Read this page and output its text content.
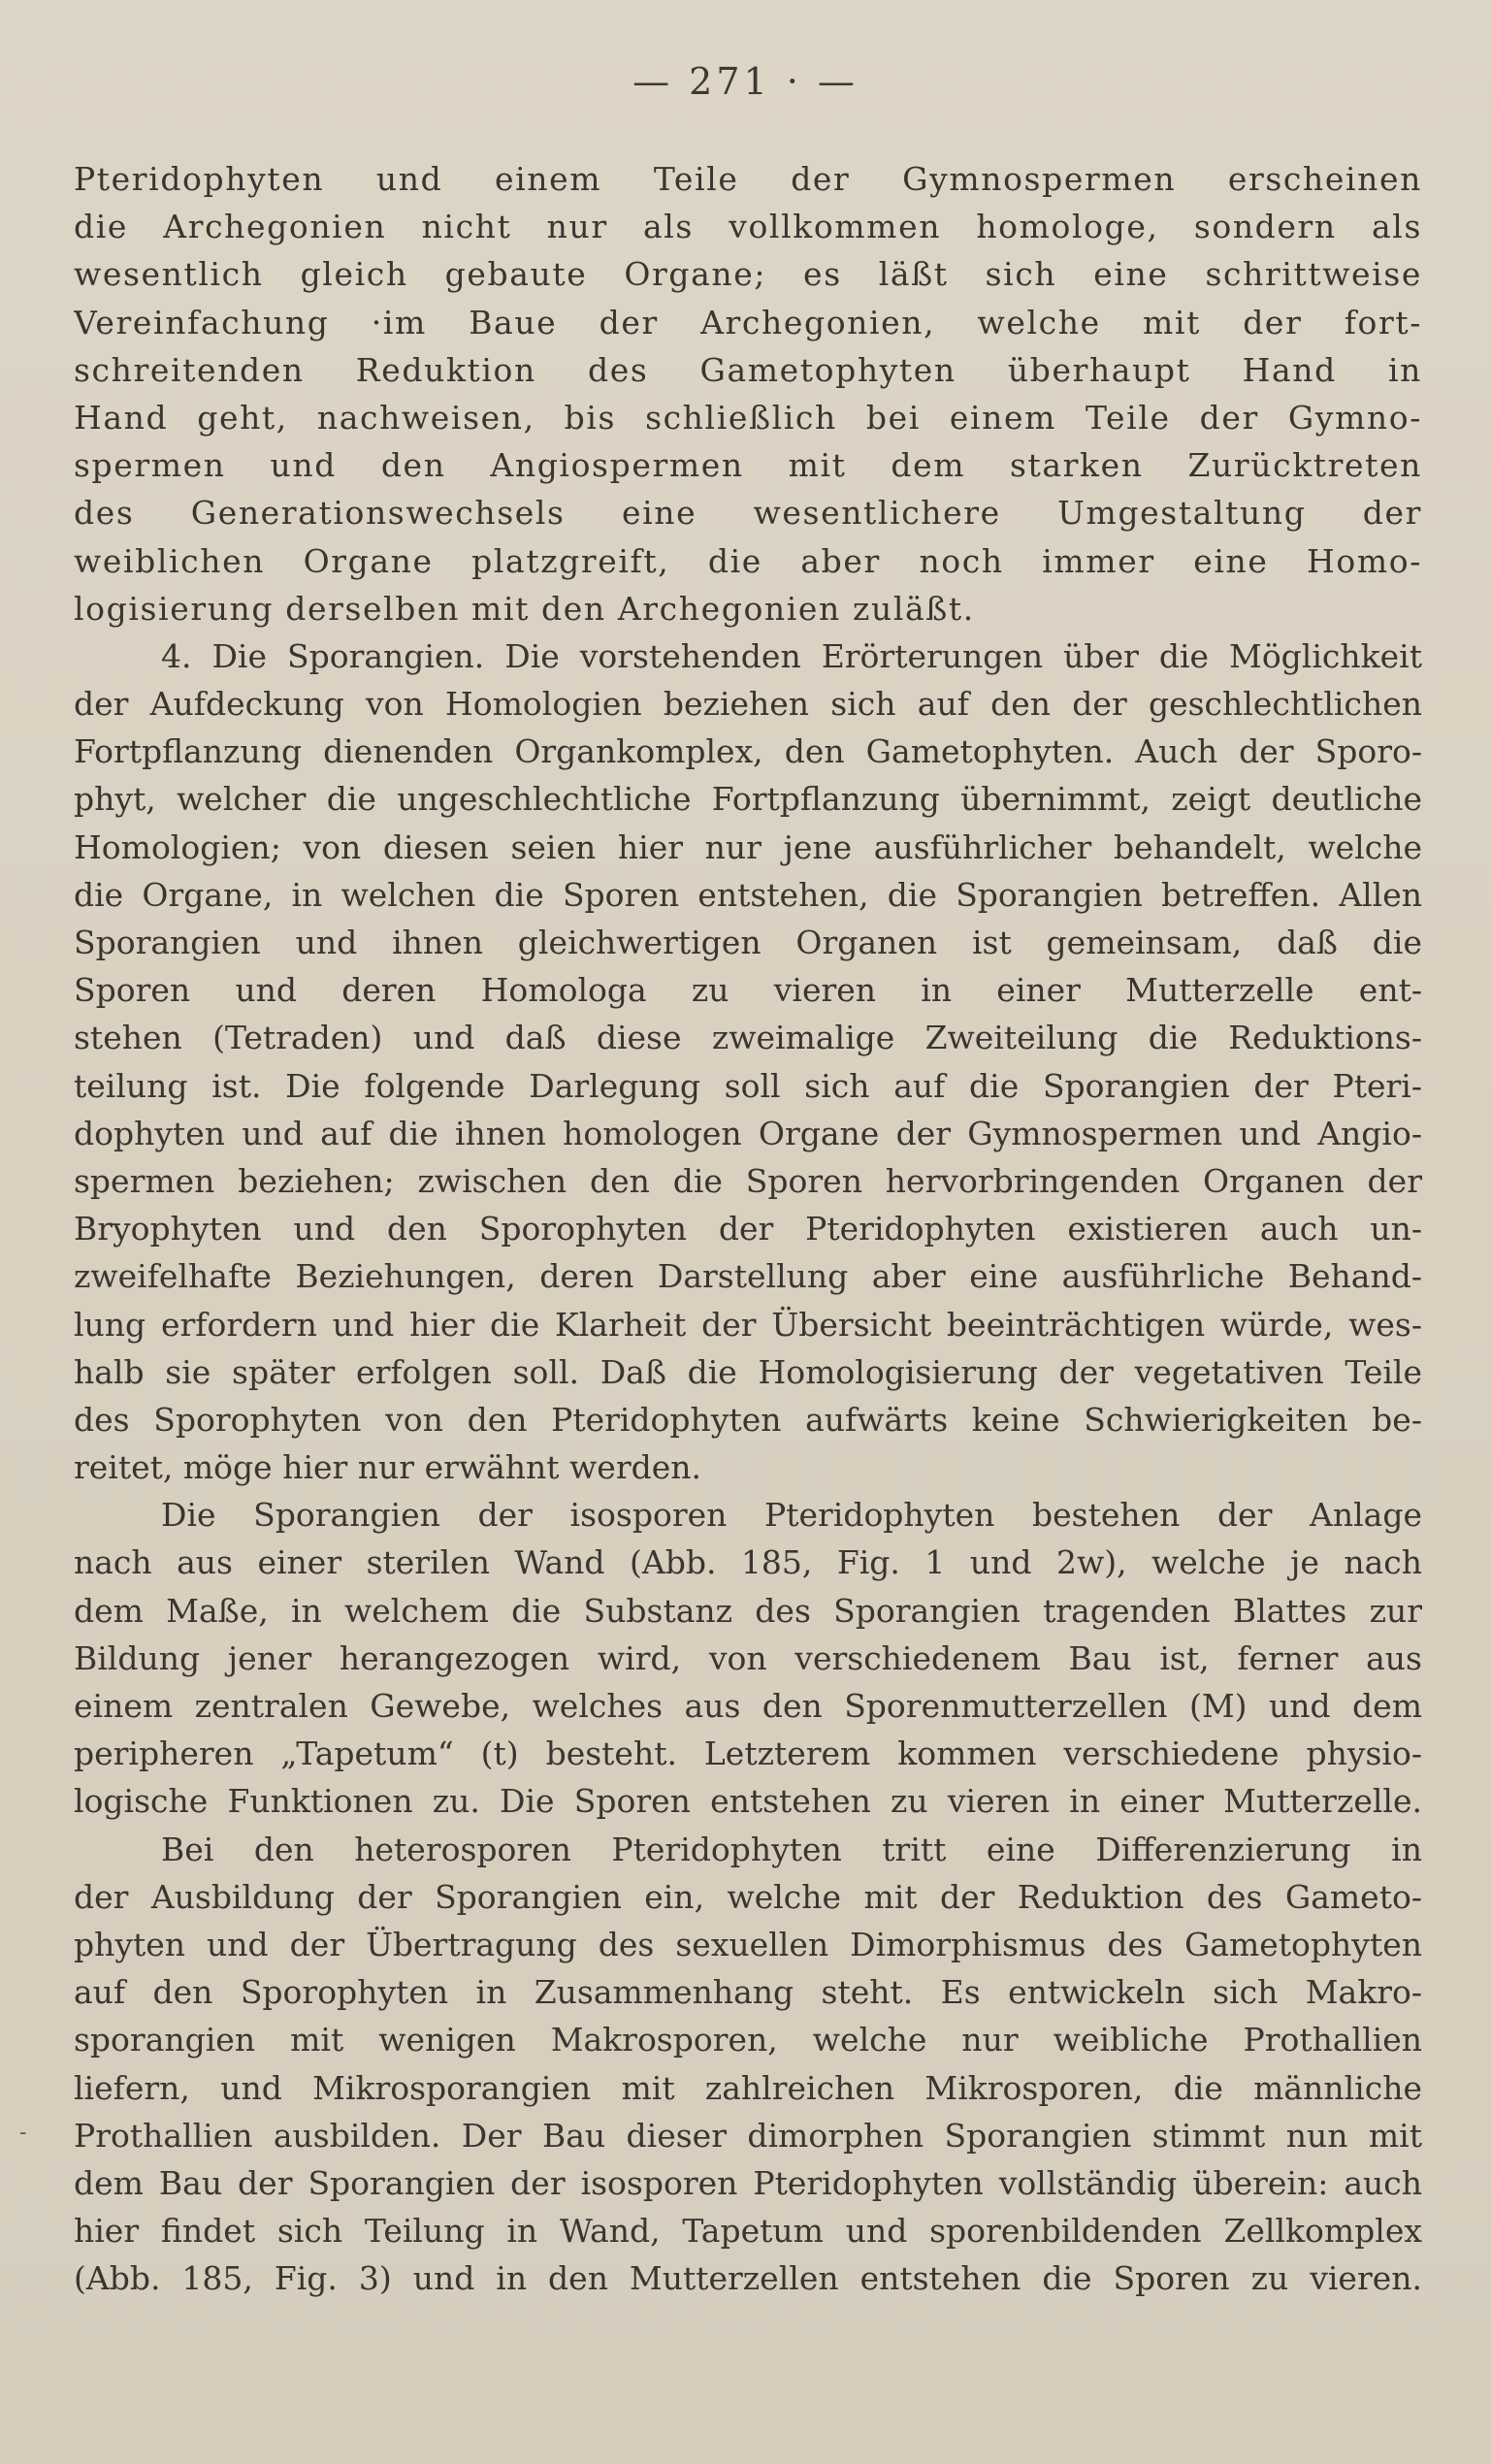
— 271 · —
Pteridophyten und einem Teile der Gymnospermen erscheinen
die Archegonien nicht nur als vollkommen homologe, sondern als
wesentlich gleich gebaute Organe; es läßt sich eine schrittweise
Vereinfachung ·im Baue der Archegonien, welche mit der fort-
schreitenden Reduktion des Gametophyten überhaupt Hand in
Hand geht, nachweisen, bis schließlich bei einem Teile der Gymno-
spermen und den Angiospermen mit dem starken Zurücktreten
des Generationswechsels eine wesentlichere Umgestaltung der
weiblichen Organe platzgreift, die aber noch immer eine Homo-
logisierung derselben mit den Archegonien zuläßt.
4. Die Sporangien. Die vorstehenden Erörterungen über die Möglichkeit
der Aufdeckung von Homologien beziehen sich auf den der geschlechtlichen
Fortpflanzung dienenden Organkomplex, den Gametophyten. Auch der Sporo-
phyt, welcher die ungeschlechtliche Fortpflanzung übernimmt, zeigt deutliche
Homologien; von diesen seien hier nur jene ausführlicher behandelt, welche
die Organe, in welchen die Sporen entstehen, die Sporangien betreffen. Allen
Sporangien und ihnen gleichwertigen Organen ist gemeinsam, daß die
Sporen und deren Homologa zu vieren in einer Mutterzelle ent-
stehen (Tetraden) und daß diese zweimalige Zweiteilung die Reduktions-
teilung ist. Die folgende Darlegung soll sich auf die Sporangien der Pteri-
dophyten und auf die ihnen homologen Organe der Gymnospermen und Angio-
spermen beziehen; zwischen den die Sporen hervorbringenden Organen der
Bryophyten und den Sporophyten der Pteridophyten existieren auch un-
zweifelhafte Beziehungen, deren Darstellung aber eine ausführliche Behand-
lung erfordern und hier die Klarheit der Übersicht beeinträchtigen würde, wes-
halb sie später erfolgen soll. Daß die Homologisierung der vegetativen Teile
des Sporophyten von den Pteridophyten aufwärts keine Schwierigkeiten be-
reitet, möge hier nur erwähnt werden.
Die Sporangien der isosporen Pteridophyten bestehen der Anlage
nach aus einer sterilen Wand (Abb. 185, Fig. 1 und 2w), welche je nach
dem Maße, in welchem die Substanz des Sporangien tragenden Blattes zur
Bildung jener herangezogen wird, von verschiedenem Bau ist, ferner aus
einem zentralen Gewebe, welches aus den Sporenmutterzellen (M) und dem
peripheren „Tapetum“ (t) besteht. Letzterem kommen verschiedene physio-
logische Funktionen zu. Die Sporen entstehen zu vieren in einer Mutterzelle.
Bei den heterosporen Pteridophyten tritt eine Differenzierung in
der Ausbildung der Sporangien ein, welche mit der Reduktion des Gameto-
phyten und der Übertragung des sexuellen Dimorphismus des Gametophyten
auf den Sporophyten in Zusammenhang steht. Es entwickeln sich Makro-
sporangien mit wenigen Makrosporen, welche nur weibliche Prothallien
liefern, und Mikrosporangien mit zahlreichen Mikrosporen, die männliche
Prothallien ausbilden. Der Bau dieser dimorphen Sporangien stimmt nun mit
dem Bau der Sporangien der isosporen Pteridophyten vollständig überein: auch
hier findet sich Teilung in Wand, Tapetum und sporenbildenden Zellkomplex
(Abb. 185, Fig. 3) und in den Mutterzellen entstehen die Sporen zu vieren.
-
